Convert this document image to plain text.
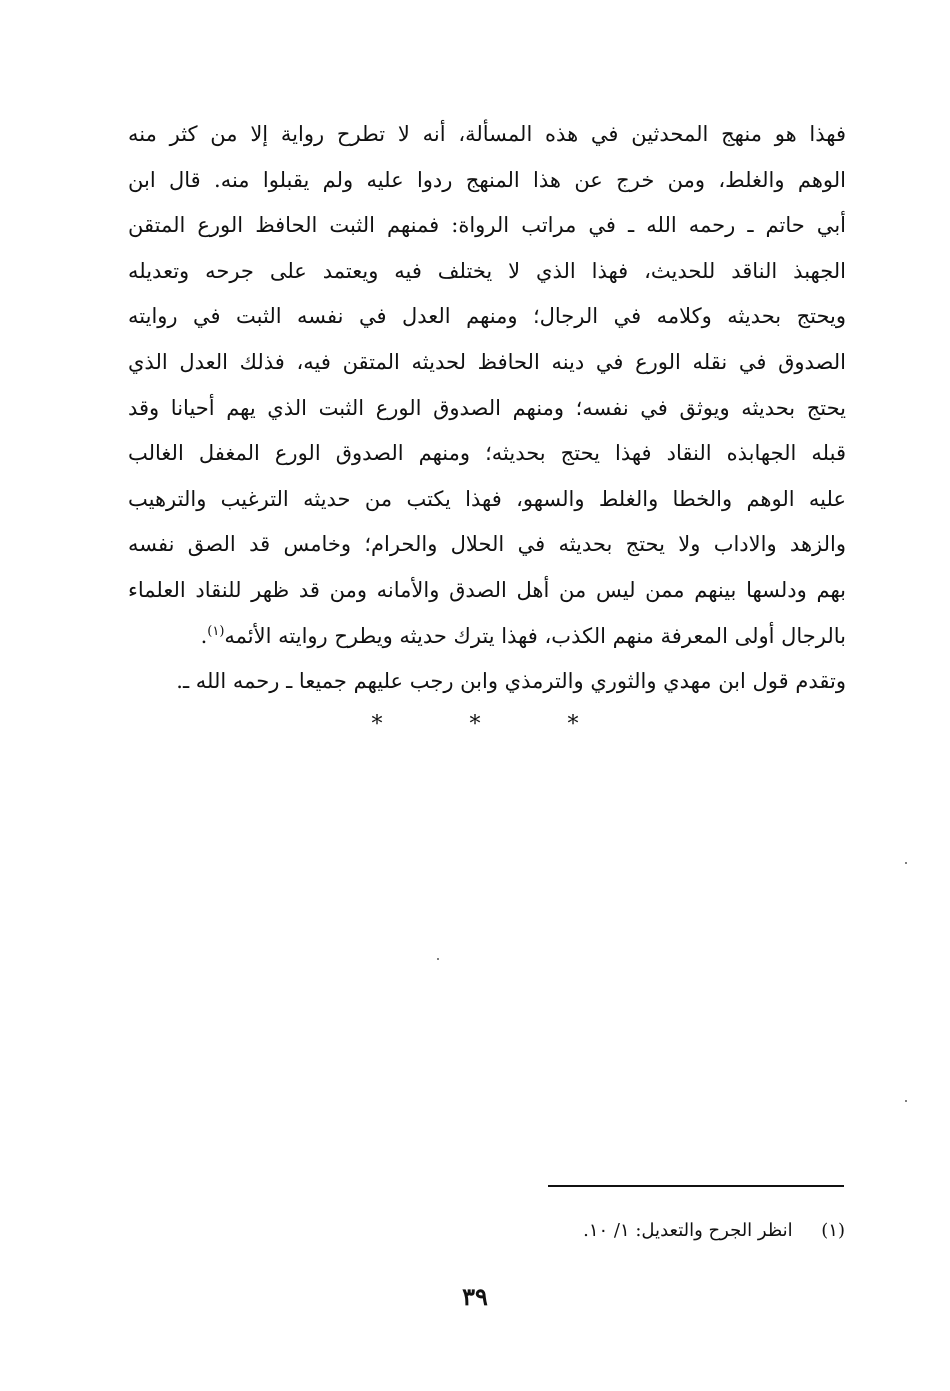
فهذا هو منهج المحدثين في هذه المسألة، أنه لا تطرح رواية إلا من كثر منه
الوهم والغلط، ومن خرج عن هذا المنهج ردوا عليه ولم يقبلوا منه. قال ابن
أبي حاتم ـ رحمه الله ـ في مراتب الرواة: فمنهم الثبت الحافظ الورع المتقن
الجهبذ الناقد للحديث، فهذا الذي لا يختلف فيه ويعتمد على جرحه وتعديله
ويحتج بحديثه وكلامه في الرجال؛ ومنهم العدل في نفسه الثبت في روايته
الصدوق في نقله الورع في دينه الحافظ لحديثه المتقن فيه، فذلك العدل الذي
يحتج بحديثه ويوثق في نفسه؛ ومنهم الصدوق الورع الثبت الذي يهم أحيانا وقد
قبله الجهابذه النقاد فهذا يحتج بحديثه؛ ومنهم الصدوق الورع المغفل الغالب
عليه الوهم والخطا والغلط والسهو، فهذا يكتب من حديثه الترغيب والترهيب
والزهد والاداب ولا يحتج بحديثه في الحلال والحرام؛ وخامس قد الصق نفسه
بهم ودلسها بينهم ممن ليس من أهل الصدق والأمانه ومن قد ظهر للنقاد العلماء
بالرجال أولى المعرفة منهم الكذب، فهذا يترك حديثه ويطرح روايته الأئمه$^{(١)}$.
وتقدم قول ابن مهدي والثوري والترمذي وابن رجب عليهم جميعا ـ رحمه الله ـ.
* * *
(١)     انظر الجرح والتعديل: ١/ ١٠.
٣٩
